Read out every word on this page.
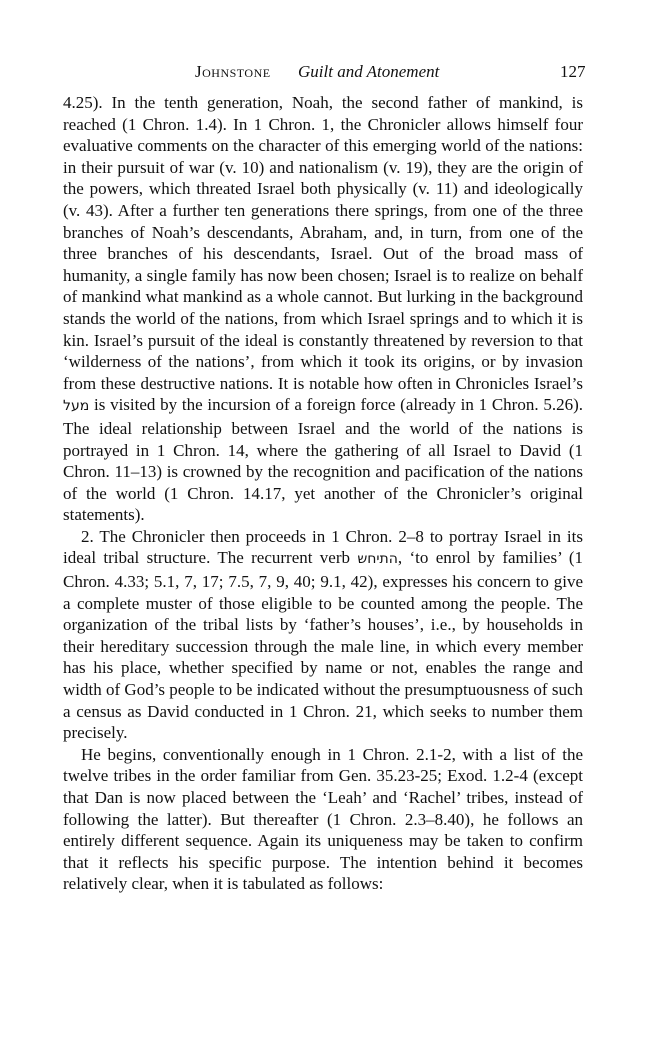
Johnstone Guilt and Atonement	127

4.25). In the tenth generation, Noah, the second father of mankind, is reached (1 Chron. 1.4). In 1 Chron. 1, the Chronicler allows himself four evaluative comments on the character of this emerging world of the nations: in their pursuit of war (v. 10) and nationalism (v. 19), they are the origin of the powers, which threated Israel both physically (v. 11) and ideologically (v. 43). After a further ten generations there springs, from one of the three branches of Noah’s descendants, Abraham, and, in turn, from one of the three branches of his descendants, Israel. Out of the broad mass of humanity, a single family has now been chosen; Israel is to realize on behalf of mankind what mankind as a whole cannot. But lurking in the background stands the world of the nations, from which Israel springs and to which it is kin. Israel’s pursuit of the ideal is constantly threatened by reversion to that ‘wilderness of the nations’, from which it took its origins, or by invasion from these destructive nations. It is notable how often in Chronicles Israel’s מעל is visited by the incursion of a foreign force (already in 1 Chron. 5.26). The ideal relationship between Israel and the world of the nations is portrayed in 1 Chron. 14, where the gathering of all Israel to David (1 Chron. 11–13) is crowned by the recognition and pacification of the nations of the world (1 Chron. 14.17, yet another of the Chronicler’s original statements).

2. The Chronicler then proceeds in 1 Chron. 2–8 to portray Israel in its ideal tribal structure. The recurrent verb התיחש, ‘to enrol by families’ (1 Chron. 4.33; 5.1, 7, 17; 7.5, 7, 9, 40; 9.1, 42), expresses his concern to give a complete muster of those eligible to be counted among the people. The organization of the tribal lists by ‘father’s houses’, i.e., by households in their hereditary succession through the male line, in which every member has his place, whether specified by name or not, enables the range and width of God’s people to be indicated without the presumptuousness of such a census as David conducted in 1 Chron. 21, which seeks to number them precisely.

He begins, conventionally enough in 1 Chron. 2.1-2, with a list of the twelve tribes in the order familiar from Gen. 35.23-25; Exod. 1.2-4 (except that Dan is now placed between the ‘Leah’ and ‘Rachel’ tribes, instead of following the latter). But thereafter (1 Chron. 2.3–8.40), he follows an entirely different sequence. Again its uniqueness may be taken to confirm that it reflects his specific purpose. The intention behind it becomes relatively clear, when it is tabulated as follows:
